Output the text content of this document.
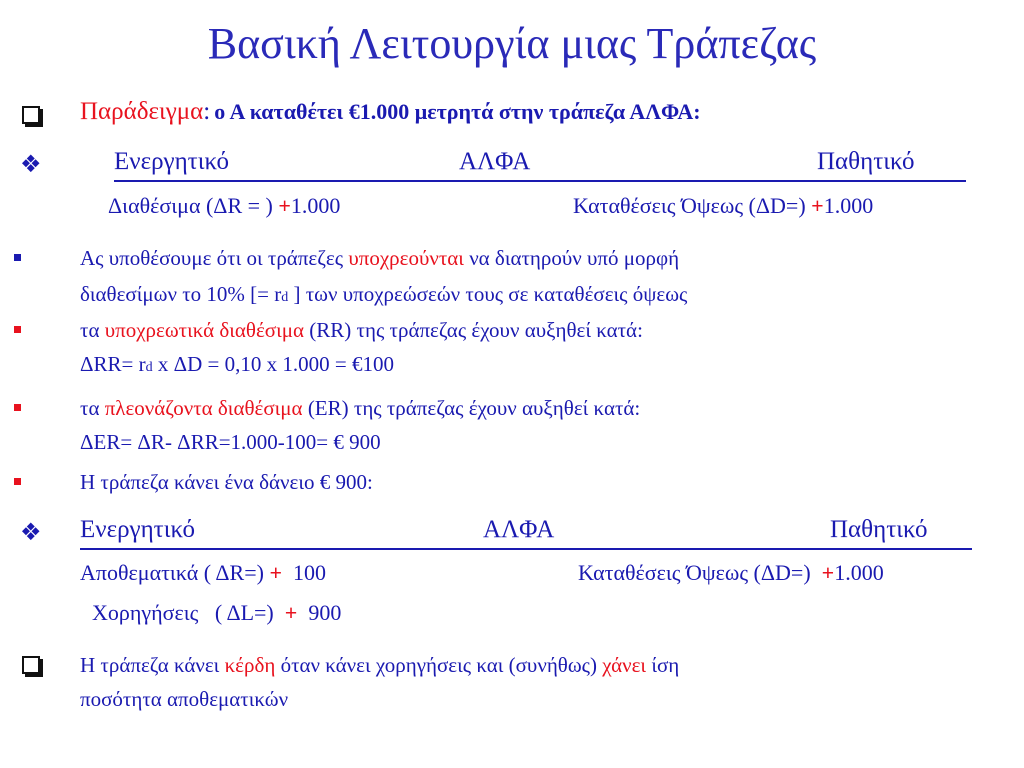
Βασική Λειτουργία μιας Τράπεζας
Παράδειγμα: ο Α καταθέτει €1.000 μετρητά στην τράπεζα ΑΛΦΑ:
❖	Ενεργητικό	ΑΛΦΑ	Παθητικό
Διαθέσιμα (ΔR = ) +1.000	Καταθέσεις Όψεως (ΔD=) +1.000
Ας υποθέσουμε ότι οι τράπεζες υποχρεούνται να διατηρούν υπό μορφή
διαθεσίμων το 10% [= rd ] των υποχρεώσεών τους σε καταθέσεις όψεως
τα υποχρεωτικά διαθέσιμα (RR) της τράπεζας έχουν αυξηθεί κατά:
ΔRR= rd x ΔD = 0,10 x 1.000 = €100
τα πλεονάζοντα διαθέσιμα (ER) της τράπεζας έχουν αυξηθεί κατά:
ΔER= ΔR- ΔRR=1.000-100= € 900
Η τράπεζα κάνει ένα δάνειο € 900:
❖ Ενεργητικό	ΑΛΦΑ	Παθητικό
Αποθεματικά ( ΔR=) + 100	Καταθέσεις Όψεως (ΔD=) +1.000
Χορηγήσεις   ( ΔL=) + 900
Η τράπεζα κάνει κέρδη όταν κάνει χορηγήσεις και (συνήθως) χάνει ίση
ποσότητα αποθεματικών
